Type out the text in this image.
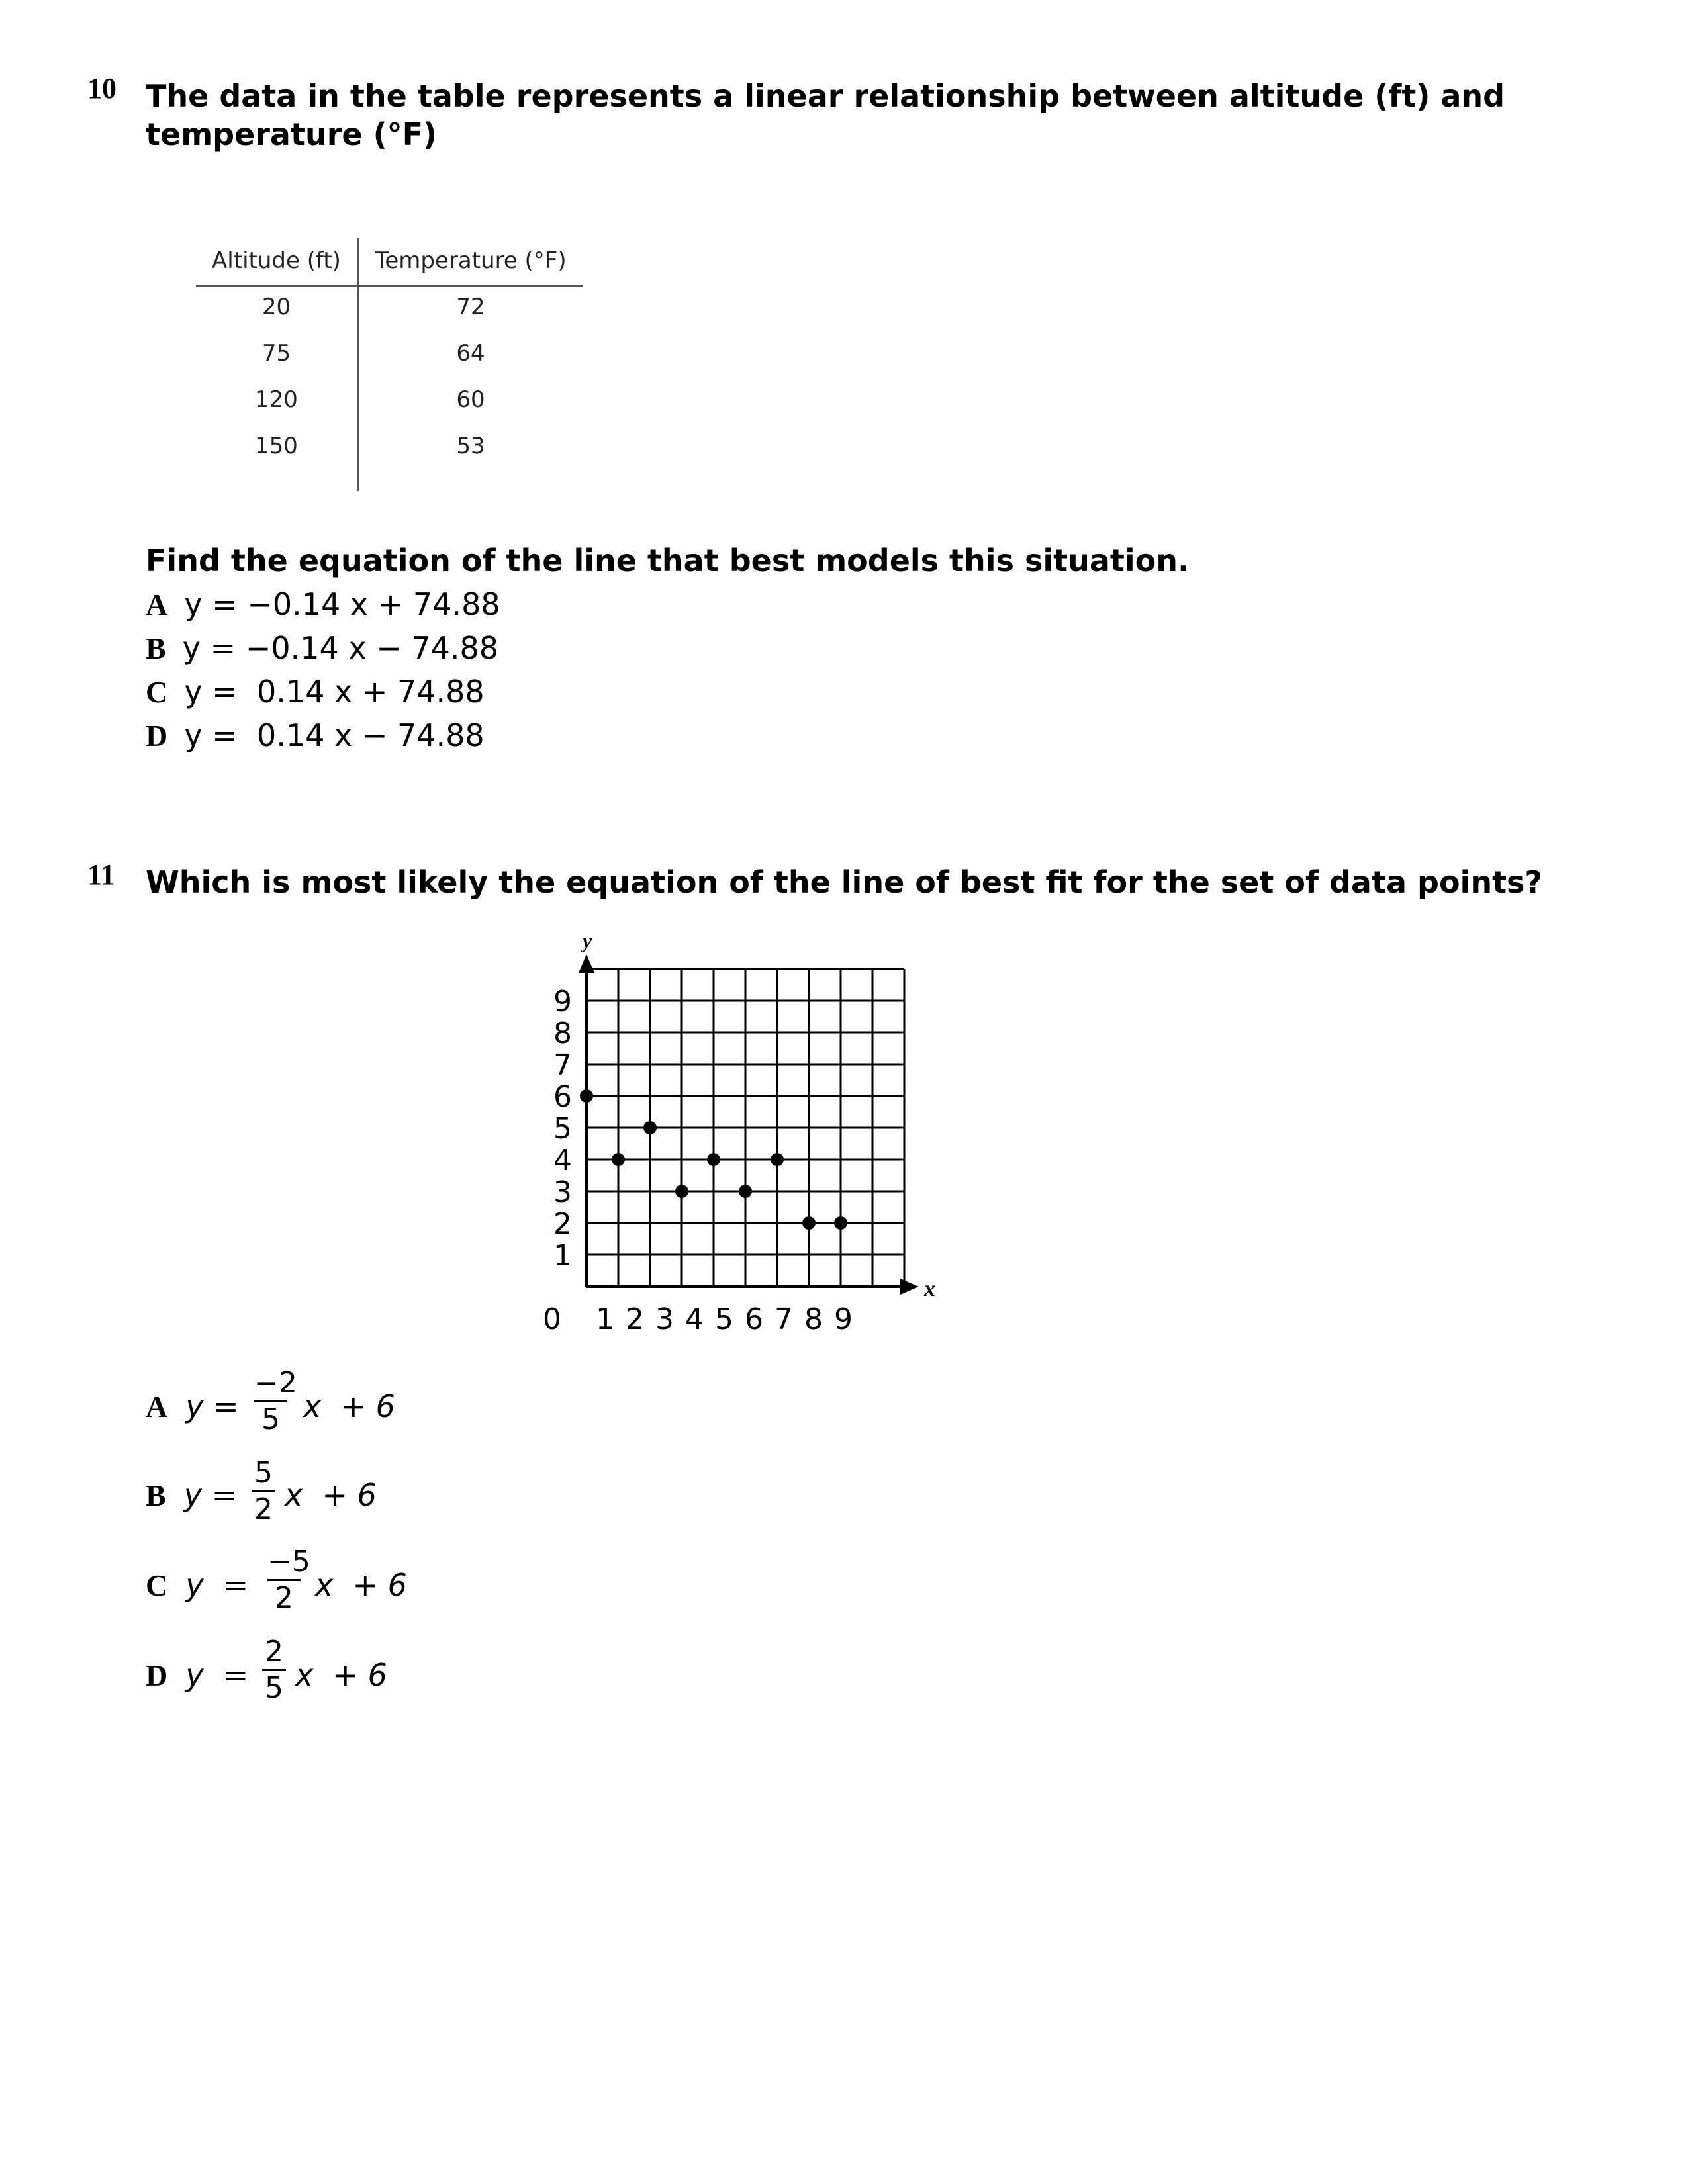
10 The data in the table represents a linear relationship between altitude (ft) and
temperature (°F)
Altitude (ft)	Temperature (°F)
20	72
75	64
120	60
150	53
Find the equation of the line that best models this situation.
A y = −0.14 x + 74.88
B y = −0.14 x − 74.88
C y =  0.14 x + 74.88
D y =  0.14 x − 74.88
11 Which is most likely the equation of the line of best fit for the set of data points?
y
x
1
2
3
4
5
6
7
8
9
0 1 2 3 4 5 6 7 8 9
A y =
−2
5 x  + 6
B y =
5
2 x  + 6
C y  =
−5
2 x  + 6
D y  =
2
5 x  + 6
